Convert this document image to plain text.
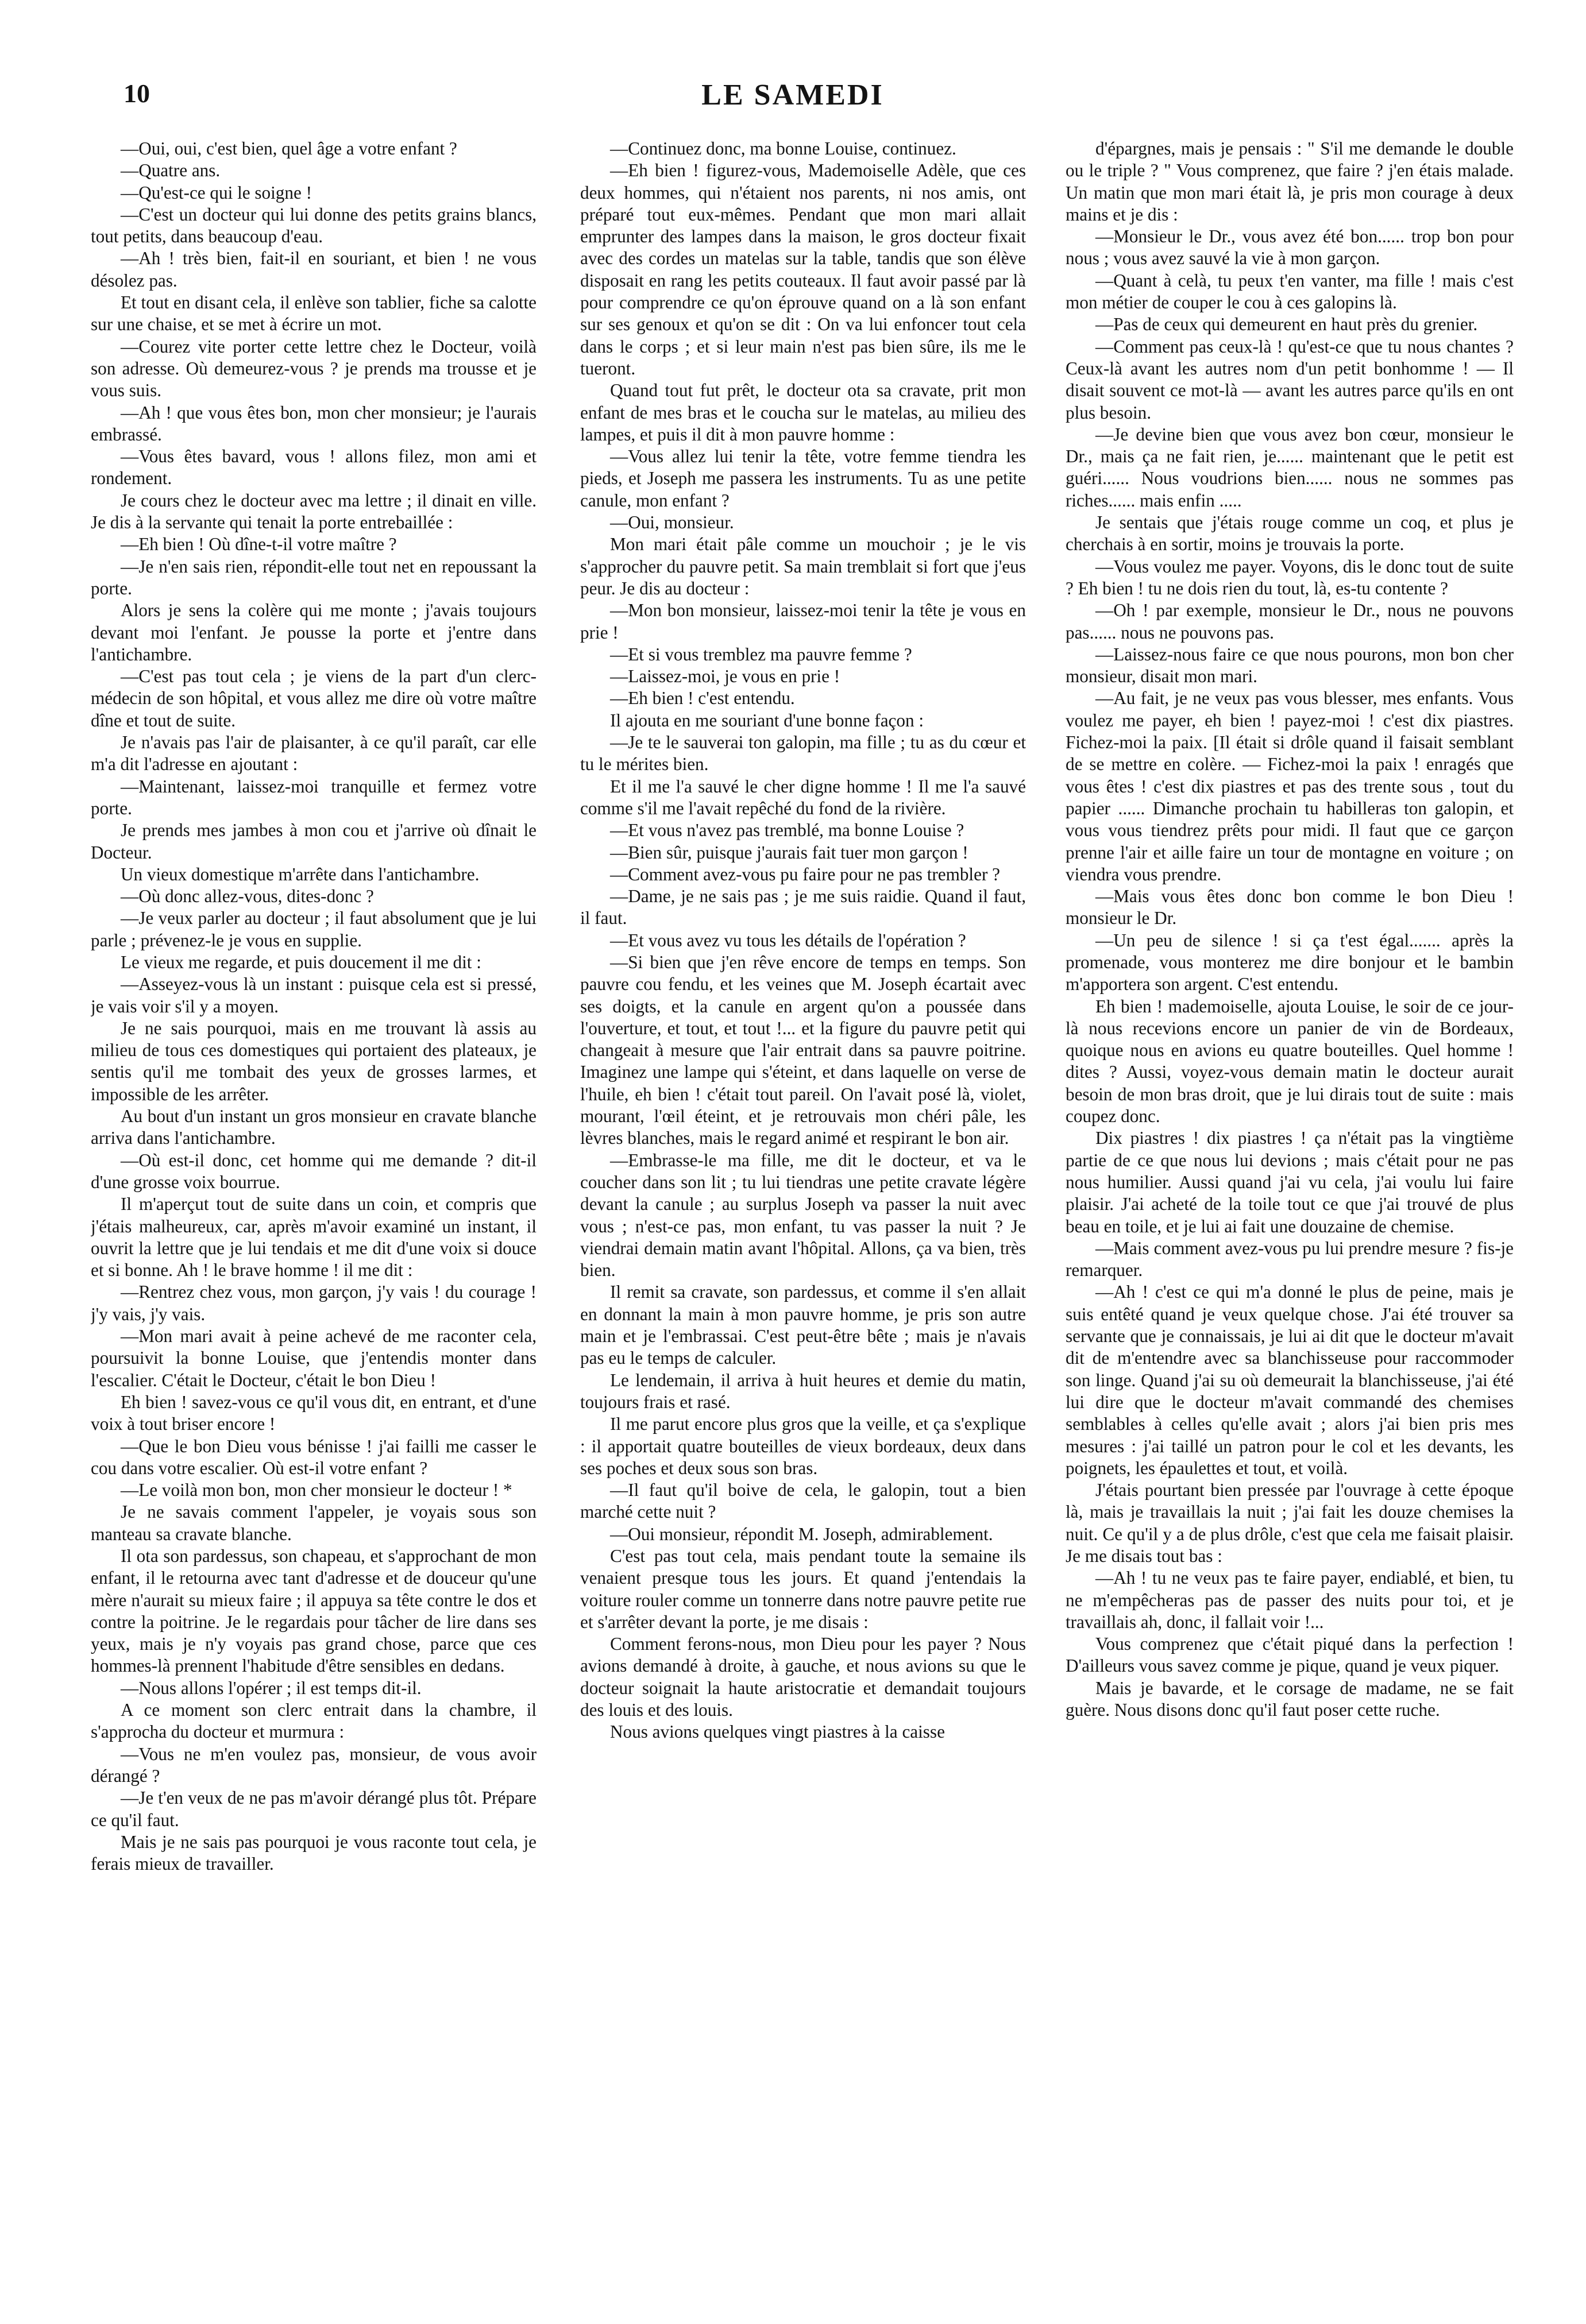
10	LE SAMEDI

—Oui, oui, c'est bien, quel âge a votre enfant ?

—Quatre ans.

—Qu'est-ce qui le soigne !

—C'est un docteur qui lui donne des petits grains blancs, tout petits, dans beaucoup d'eau.

—Ah ! très bien, fait-il en souriant, et bien ! ne vous désolez pas.

Et tout en disant cela, il enlève son tablier, fiche sa calotte sur une chaise, et se met à écrire un mot.

—Courez vite porter cette lettre chez le Docteur, voilà son adresse. Où demeurez-vous ? je prends ma trousse et je vous suis.

—Ah ! que vous êtes bon, mon cher monsieur; je l'aurais embrassé.

—Vous êtes bavard, vous ! allons filez, mon ami et rondement.

Je cours chez le docteur avec ma lettre ; il dinait en ville. Je dis à la servante qui tenait la porte entrebaillée :

—Eh bien ! Où dîne-t-il votre maître ?

—Je n'en sais rien, répondit-elle tout net en repoussant la porte.

Alors je sens la colère qui me monte ; j'avais toujours devant moi l'enfant. Je pousse la porte et j'entre dans l'antichambre.

—C'est pas tout cela ; je viens de la part d'un clerc-médecin de son hôpital, et vous allez me dire où votre maître dîne et tout de suite.

Je n'avais pas l'air de plaisanter, à ce qu'il paraît, car elle m'a dit l'adresse en ajoutant :

—Maintenant, laissez-moi tranquille et fermez votre porte.

Je prends mes jambes à mon cou et j'arrive où dînait le Docteur.

Un vieux domestique m'arrête dans l'antichambre.

—Où donc allez-vous, dites-donc ?

—Je veux parler au docteur ; il faut absolument que je lui parle ; prévenez-le je vous en supplie.

Le vieux me regarde, et puis doucement il me dit :

—Asseyez-vous là un instant : puisque cela est si pressé, je vais voir s'il y a moyen.

Je ne sais pourquoi, mais en me trouvant là assis au milieu de tous ces domestiques qui portaient des plateaux, je sentis qu'il me tombait des yeux de grosses larmes, et impossible de les arrêter.

Au bout d'un instant un gros monsieur en cravate blanche arriva dans l'antichambre.

—Où est-il donc, cet homme qui me demande ? dit-il d'une grosse voix bourrue.

Il m'aperçut tout de suite dans un coin, et compris que j'étais malheureux, car, après m'avoir examiné un instant, il ouvrit la lettre que je lui tendais et me dit d'une voix si douce et si bonne. Ah ! le brave homme ! il me dit :

—Rentrez chez vous, mon garçon, j'y vais ! du courage ! j'y vais, j'y vais.

—Mon mari avait à peine achevé de me raconter cela, poursuivit la bonne Louise, que j'entendis monter dans l'escalier. C'était le Docteur, c'était le bon Dieu !

Eh bien ! savez-vous ce qu'il vous dit, en entrant, et d'une voix à tout briser encore !

—Que le bon Dieu vous bénisse ! j'ai failli me casser le cou dans votre escalier. Où est-il votre enfant ?

—Le voilà mon bon, mon cher monsieur le docteur ! *

Je ne savais comment l'appeler, je voyais sous son manteau sa cravate blanche.

Il ota son pardessus, son chapeau, et s'approchant de mon enfant, il le retourna avec tant d'adresse et de douceur qu'une mère n'aurait su mieux faire ; il appuya sa tête contre le dos et contre la poitrine. Je le regardais pour tâcher de lire dans ses yeux, mais je n'y voyais pas grand chose, parce que ces hommes-là prennent l'habitude d'être sensibles en dedans.

—Nous allons l'opérer ; il est temps dit-il.

A ce moment son clerc entrait dans la chambre, il s'approcha du docteur et murmura :

—Vous ne m'en voulez pas, monsieur, de vous avoir dérangé ?

—Je t'en veux de ne pas m'avoir dérangé plus tôt. Prépare ce qu'il faut.

Mais je ne sais pas pourquoi je vous raconte tout cela, je ferais mieux de travailler.

—Continuez donc, ma bonne Louise, continuez.

—Eh bien ! figurez-vous, Mademoiselle Adèle, que ces deux hommes, qui n'étaient nos parents, ni nos amis, ont préparé tout eux-mêmes. Pendant que mon mari allait emprunter des lampes dans la maison, le gros docteur fixait avec des cordes un matelas sur la table, tandis que son élève disposait en rang les petits couteaux. Il faut avoir passé par là pour comprendre ce qu'on éprouve quand on a là son enfant sur ses genoux et qu'on se dit : On va lui enfoncer tout cela dans le corps ; et si leur main n'est pas bien sûre, ils me le tueront.

Quand tout fut prêt, le docteur ota sa cravate, prit mon enfant de mes bras et le coucha sur le matelas, au milieu des lampes, et puis il dit à mon pauvre homme :

—Vous allez lui tenir la tête, votre femme tiendra les pieds, et Joseph me passera les instruments. Tu as une petite canule, mon enfant ?

—Oui, monsieur.

Mon mari était pâle comme un mouchoir ; je le vis s'approcher du pauvre petit. Sa main tremblait si fort que j'eus peur. Je dis au docteur :

—Mon bon monsieur, laissez-moi tenir la tête je vous en prie !

—Et si vous tremblez ma pauvre femme ?

—Laissez-moi, je vous en prie !

—Eh bien ! c'est entendu.

Il ajouta en me souriant d'une bonne façon :

—Je te le sauverai ton galopin, ma fille ; tu as du cœur et tu le mérites bien.

Et il me l'a sauvé le cher digne homme ! Il me l'a sauvé comme s'il me l'avait repêché du fond de la rivière.

—Et vous n'avez pas tremblé, ma bonne Louise ?

—Bien sûr, puisque j'aurais fait tuer mon garçon !

—Comment avez-vous pu faire pour ne pas trembler ?

—Dame, je ne sais pas ; je me suis raidie. Quand il faut, il faut.

—Et vous avez vu tous les détails de l'opération ?

—Si bien que j'en rêve encore de temps en temps. Son pauvre cou fendu, et les veines que M. Joseph écartait avec ses doigts, et la canule en argent qu'on a poussée dans l'ouverture, et tout, et tout !... et la figure du pauvre petit qui changeait à mesure que l'air entrait dans sa pauvre poitrine. Imaginez une lampe qui s'éteint, et dans laquelle on verse de l'huile, eh bien ! c'était tout pareil. On l'avait posé là, violet, mourant, l'œil éteint, et je retrouvais mon chéri pâle, les lèvres blanches, mais le regard animé et respirant le bon air.

—Embrasse-le ma fille, me dit le docteur, et va le coucher dans son lit ; tu lui tiendras une petite cravate légère devant la canule ; au surplus Joseph va passer la nuit avec vous ; n'est-ce pas, mon enfant, tu vas passer la nuit ? Je viendrai demain matin avant l'hôpital. Allons, ça va bien, très bien.

Il remit sa cravate, son pardessus, et comme il s'en allait en donnant la main à mon pauvre homme, je pris son autre main et je l'embrassai. C'est peut-être bête ; mais je n'avais pas eu le temps de calculer.

Le lendemain, il arriva à huit heures et demie du matin, toujours frais et rasé.

Il me parut encore plus gros que la veille, et ça s'explique : il apportait quatre bouteilles de vieux bordeaux, deux dans ses poches et deux sous son bras.

—Il faut qu'il boive de cela, le galopin, tout a bien marché cette nuit ?

—Oui monsieur, répondit M. Joseph, admirablement.

C'est pas tout cela, mais pendant toute la semaine ils venaient presque tous les jours. Et quand j'entendais la voiture rouler comme un tonnerre dans notre pauvre petite rue et s'arrêter devant la porte, je me disais :

Comment ferons-nous, mon Dieu pour les payer ? Nous avions demandé à droite, à gauche, et nous avions su que le docteur soignait la haute aristocratie et demandait toujours des louis et des louis.

Nous avions quelques vingt piastres à la caisse

d'épargnes, mais je pensais : " S'il me demande le double ou le triple ? " Vous comprenez, que faire ? j'en étais malade. Un matin que mon mari était là, je pris mon courage à deux mains et je dis :

—Monsieur le Dr., vous avez été bon...... trop bon pour nous ; vous avez sauvé la vie à mon garçon.

—Quant à celà, tu peux t'en vanter, ma fille ! mais c'est mon métier de couper le cou à ces galopins là.

—Pas de ceux qui demeurent en haut près du grenier.

—Comment pas ceux-là ! qu'est-ce que tu nous chantes ? Ceux-là avant les autres nom d'un petit bonhomme ! — Il disait souvent ce mot-là — avant les autres parce qu'ils en ont plus besoin.

—Je devine bien que vous avez bon cœur, monsieur le Dr., mais ça ne fait rien, je...... maintenant que le petit est guéri...... Nous voudrions bien...... nous ne sommes pas riches...... mais enfin .....

Je sentais que j'étais rouge comme un coq, et plus je cherchais à en sortir, moins je trouvais la porte.

—Vous voulez me payer. Voyons, dis le donc tout de suite ? Eh bien ! tu ne dois rien du tout, là, es-tu contente ?

—Oh ! par exemple, monsieur le Dr., nous ne pouvons pas...... nous ne pouvons pas.

—Laissez-nous faire ce que nous pourons, mon bon cher monsieur, disait mon mari.

—Au fait, je ne veux pas vous blesser, mes enfants. Vous voulez me payer, eh bien ! payez-moi ! c'est dix piastres. Fichez-moi la paix. [Il était si drôle quand il faisait semblant de se mettre en colère. — Fichez-moi la paix ! enragés que vous êtes ! c'est dix piastres et pas des trente sous , tout du papier ...... Dimanche prochain tu habilleras ton galopin, et vous vous tiendrez prêts pour midi. Il faut que ce garçon prenne l'air et aille faire un tour de montagne en voiture ; on viendra vous prendre.

—Mais vous êtes donc bon comme le bon Dieu ! monsieur le Dr.

—Un peu de silence ! si ça t'est égal....... après la promenade, vous monterez me dire bonjour et le bambin m'apportera son argent. C'est entendu.

Eh bien ! mademoiselle, ajouta Louise, le soir de ce jour-là nous recevions encore un panier de vin de Bordeaux, quoique nous en avions eu quatre bouteilles. Quel homme ! dites ? Aussi, voyez-vous demain matin le docteur aurait besoin de mon bras droit, que je lui dirais tout de suite : mais coupez donc.

Dix piastres ! dix piastres ! ça n'était pas la vingtième partie de ce que nous lui devions ; mais c'était pour ne pas nous humilier. Aussi quand j'ai vu cela, j'ai voulu lui faire plaisir. J'ai acheté de la toile tout ce que j'ai trouvé de plus beau en toile, et je lui ai fait une douzaine de chemise.

—Mais comment avez-vous pu lui prendre mesure ? fis-je remarquer.

—Ah ! c'est ce qui m'a donné le plus de peine, mais je suis entêté quand je veux quelque chose. J'ai été trouver sa servante que je connaissais, je lui ai dit que le docteur m'avait dit de m'entendre avec sa blanchisseuse pour raccommoder son linge. Quand j'ai su où demeurait la blanchisseuse, j'ai été lui dire que le docteur m'avait commandé des chemises semblables à celles qu'elle avait ; alors j'ai bien pris mes mesures : j'ai taillé un patron pour le col et les devants, les poignets, les épaulettes et tout, et voilà.

J'étais pourtant bien pressée par l'ouvrage à cette époque là, mais je travaillais la nuit ; j'ai fait les douze chemises la nuit. Ce qu'il y a de plus drôle, c'est que cela me faisait plaisir. Je me disais tout bas :

—Ah ! tu ne veux pas te faire payer, endiablé, et bien, tu ne m'empêcheras pas de passer des nuits pour toi, et je travaillais ah, donc, il fallait voir !...

Vous comprenez que c'était piqué dans la perfection ! D'ailleurs vous savez comme je pique, quand je veux piquer.

Mais je bavarde, et le corsage de madame, ne se fait guère. Nous disons donc qu'il faut poser cette ruche.
